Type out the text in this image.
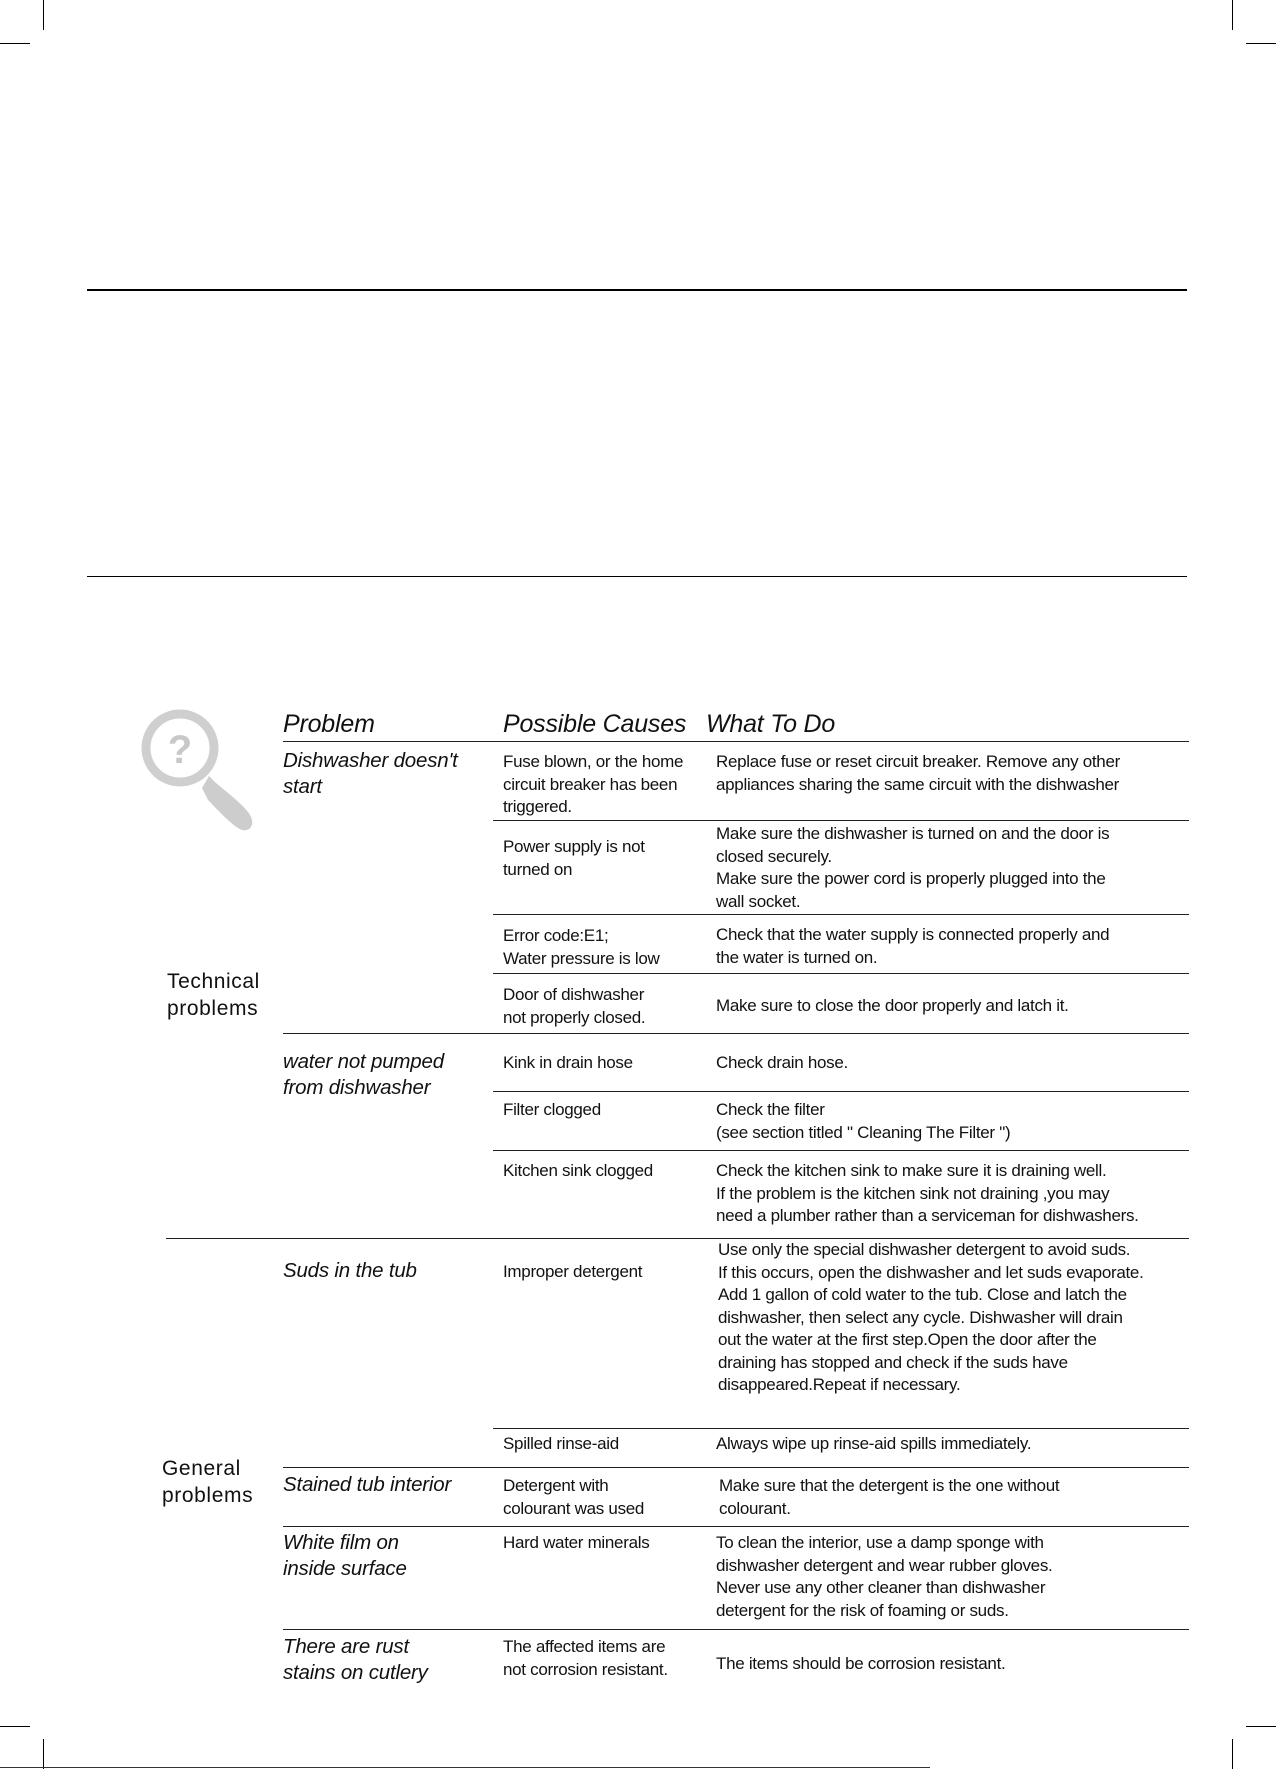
?
Problem	Possible Causes What To Do
Technical
problems
General
problems
Dishwasher doesn't
start
water not pumped
from dishwasher
Suds in the tub
Stained tub interior
White film on
inside surface
There are rust
stains on cutlery
Fuse blown, or the home
circuit breaker has been
triggered.
Power supply is not
turned on
Error code:E1;
Water pressure is low
Door of dishwasher
not properly closed.
Kink in drain hose
Filter clogged
Kitchen sink clogged
Improper detergent
Spilled rinse-aid
Detergent with
colourant was used
Hard water minerals
The affected items are
not corrosion resistant.
Replace fuse or reset circuit breaker. Remove any other
appliances sharing the same circuit with the dishwasher
Make sure the dishwasher is turned on and the door is
closed securely.
Make sure the power cord is properly plugged into the
wall socket.
Check that the water supply is connected properly and
the water is turned on.
Make sure to close the door properly and latch it.
Check drain hose.
Check the filter
(see section titled " Cleaning The Filter ")
Check the kitchen sink to make sure it is draining well.
If the problem is the kitchen sink not draining ,you may
need a plumber rather than a serviceman for dishwashers.
Use only the special dishwasher detergent to avoid suds.
If this occurs, open the dishwasher and let suds evaporate.
Add 1 gallon of cold water to the tub. Close and latch the
dishwasher, then select any cycle. Dishwasher will drain
out the water at the first step.Open the door after the
draining has stopped and check if the suds have
disappeared.Repeat if necessary.
Always wipe up rinse-aid spills immediately.
Make sure that the detergent is the one without
colourant.
To clean the interior, use a damp sponge with
dishwasher detergent and wear rubber gloves.
Never use any other cleaner than dishwasher
detergent for the risk of foaming or suds.
The items should be corrosion resistant.
